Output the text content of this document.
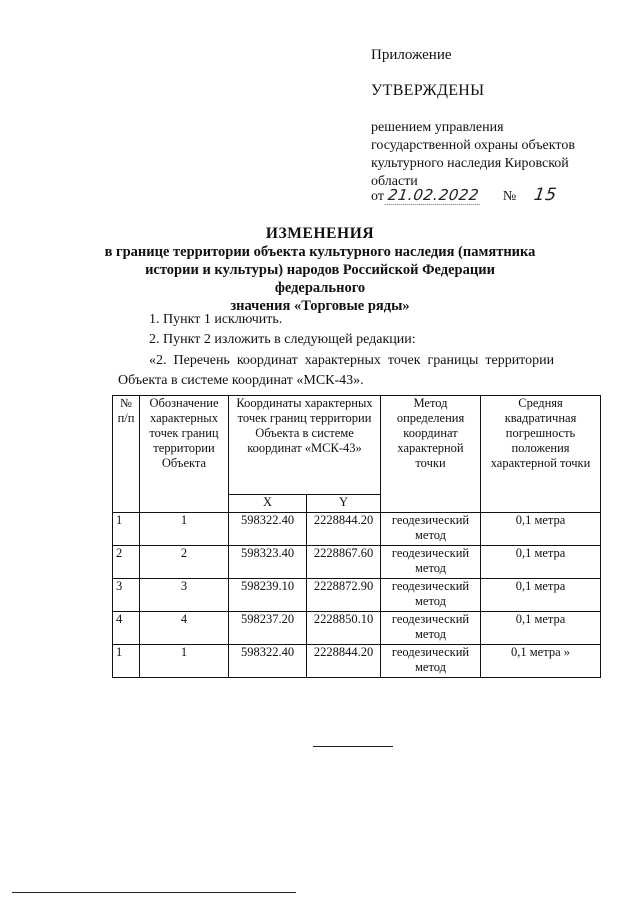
Приложение
УТВЕРЖДЕНЫ
решением управления государственной охраны объектов культурного наследия Кировской области
от 21.02.2022 № 15
ИЗМЕНЕНИЯ
в границе территории объекта культурного наследия (памятника
истории и культуры) народов Российской Федерации федерального
значения «Торговые ряды»
1. Пункт 1 исключить.
2. Пункт 2 изложить в следующей редакции:
«2.  Перечень  координат  характерных  точек  границы  территории
Объекта в системе координат «МСК-43».
№ п/п	Обозначение характерных точек границ территории Объекта	Координаты характерных точек границ территории Объекта в системе координат «МСК-43»		Метод определения координат характерной точки	Средняя квадратичная погрешность положения характерной точки
		X	Y		
1	1	598322.40	2228844.20	геодезический метод	0,1 метра
2	2	598323.40	2228867.60	геодезический метод	0,1 метра
3	3	598239.10	2228872.90	геодезический метод	0,1 метра
4	4	598237.20	2228850.10	геодезический метод	0,1 метра
1	1	598322.40	2228844.20	геодезический метод	0,1 метра »
